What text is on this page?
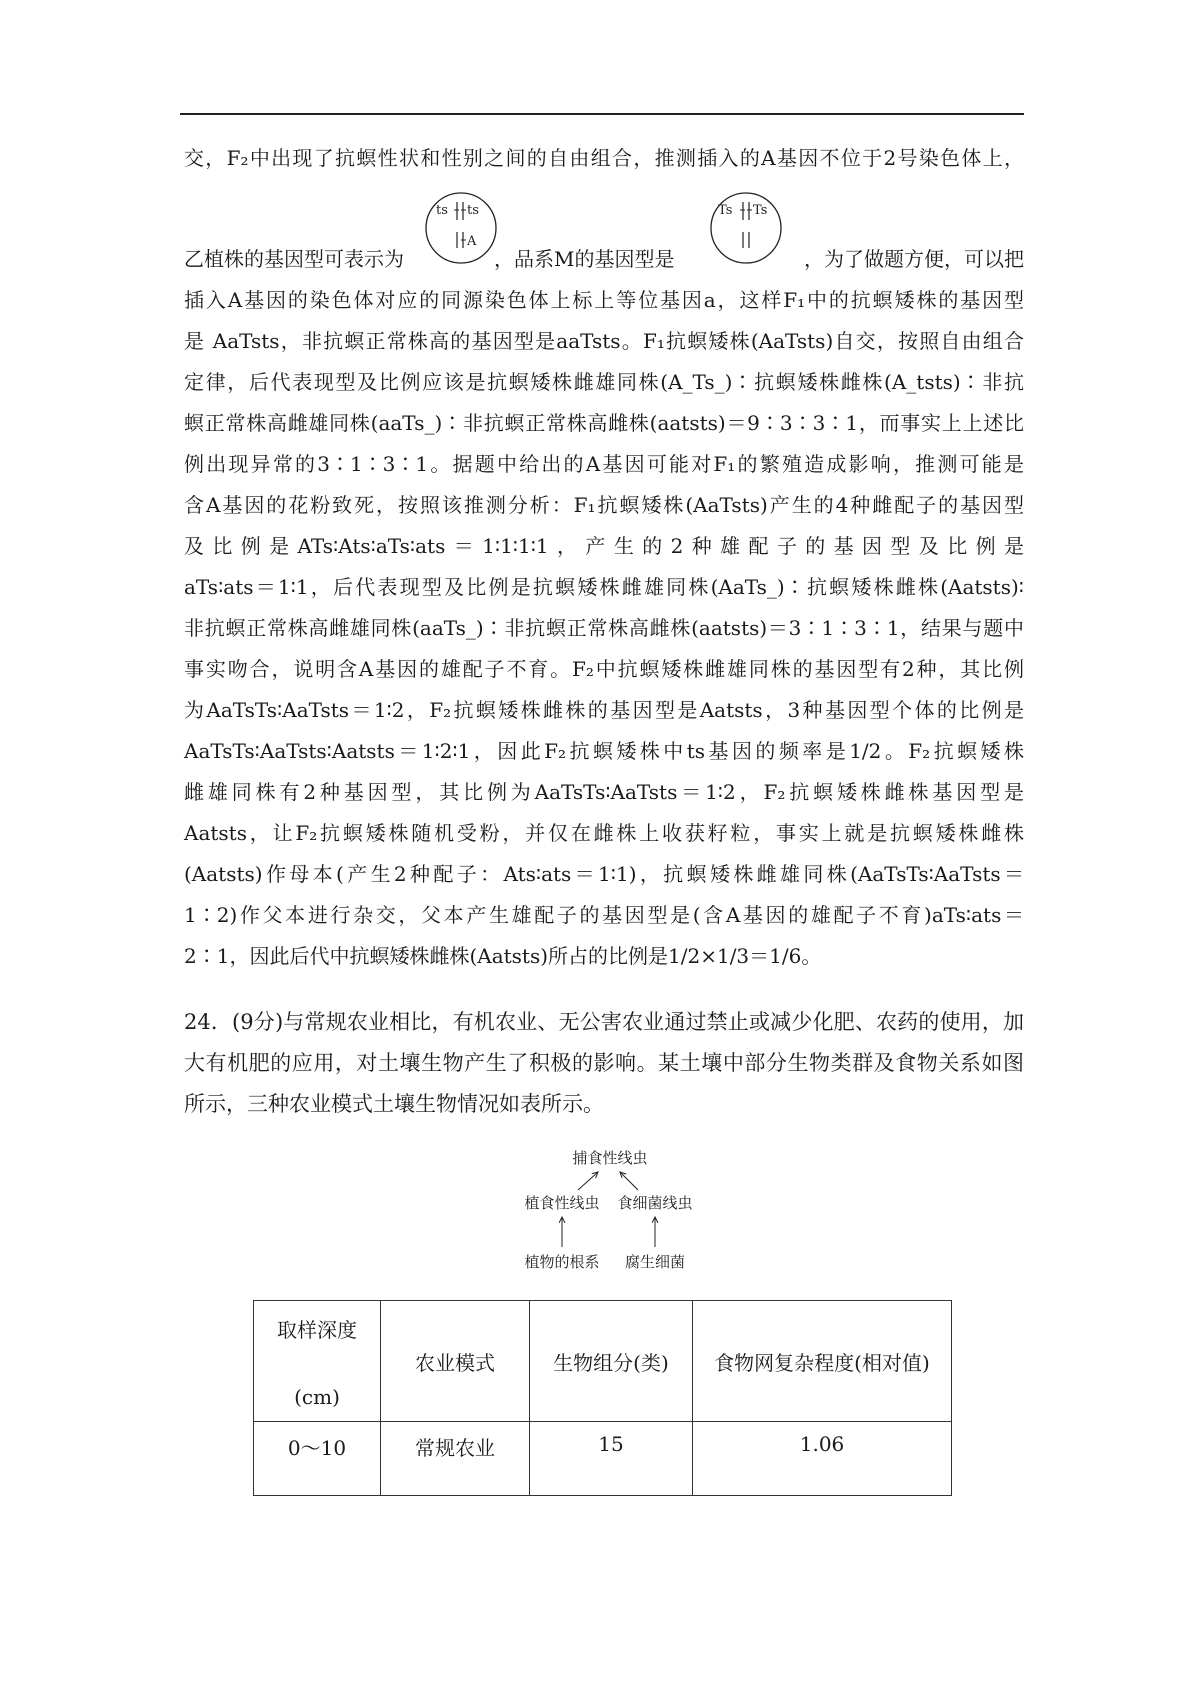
交，F₂中出现了抗螟性状和性别之间的自由组合，推测插入的A基因不位于2号染色体上，
乙植株的基因型可表示为	，品系M的基因型是	，为了做题方便，可以把
ts ts
A
Ts Ts
插入A基因的染色体对应的同源染色体上标上等位基因a，这样F₁中的抗螟矮株的基因型
是 AaTsts，非抗螟正常株高的基因型是aaTsts。F₁抗螟矮株(AaTsts)自交，按照自由组合
定律，后代表现型及比例应该是抗螟矮株雌雄同株(A_Ts_)∶抗螟矮株雌株(A_tsts)∶非抗
螟正常株高雌雄同株(aaTs_)∶非抗螟正常株高雌株(aatsts)＝9∶3∶3∶1，而事实上上述比
例出现异常的3∶1∶3∶1。据题中给出的A基因可能对F₁的繁殖造成影响，推测可能是
含A基因的花粉致死，按照该推测分析：F₁抗螟矮株(AaTsts)产生的4种雌配子的基因型
及比例是ATs∶Ats∶aTs∶ats＝1∶1∶1∶1，产生的2种雄配子的基因型及比例是
aTs∶ats＝1∶1，后代表现型及比例是抗螟矮株雌雄同株(AaTs_)∶抗螟矮株雌株(Aatsts)∶
非抗螟正常株高雌雄同株(aaTs_)∶非抗螟正常株高雌株(aatsts)＝3∶1∶3∶1，结果与题中
事实吻合，说明含A基因的雄配子不育。F₂中抗螟矮株雌雄同株的基因型有2种，其比例
为AaTsTs∶AaTsts＝1∶2，F₂抗螟矮株雌株的基因型是Aatsts，3种基因型个体的比例是
AaTsTs∶AaTsts∶Aatsts＝1∶2∶1，因此F₂抗螟矮株中ts基因的频率是1/2。F₂抗螟矮株
雌雄同株有2种基因型，其比例为AaTsTs∶AaTsts＝1∶2，F₂抗螟矮株雌株基因型是
Aatsts，让F₂抗螟矮株随机受粉，并仅在雌株上收获籽粒，事实上就是抗螟矮株雌株
(Aatsts)作母本(产生2种配子：Ats∶ats＝1∶1)，抗螟矮株雌雄同株(AaTsTs∶AaTsts＝
1∶2)作父本进行杂交，父本产生雄配子的基因型是(含A基因的雄配子不育)aTs∶ats＝
2∶1，因此后代中抗螟矮株雌株(Aatsts)所占的比例是1/2×1/3＝1/6。
24．(9分)与常规农业相比，有机农业、无公害农业通过禁止或减少化肥、农药的使用，加
大有机肥的应用，对土壤生物产生了积极的影响。某土壤中部分生物类群及食物关系如图
所示，三种农业模式土壤生物情况如表所示。
捕食性线虫
植食性线虫 食细菌线虫
植物的根系 腐生细菌
取样深度
(cm)	农业模式	生物组分(类)	食物网复杂程度(相对值)
0～10	常规农业	15	1.06
